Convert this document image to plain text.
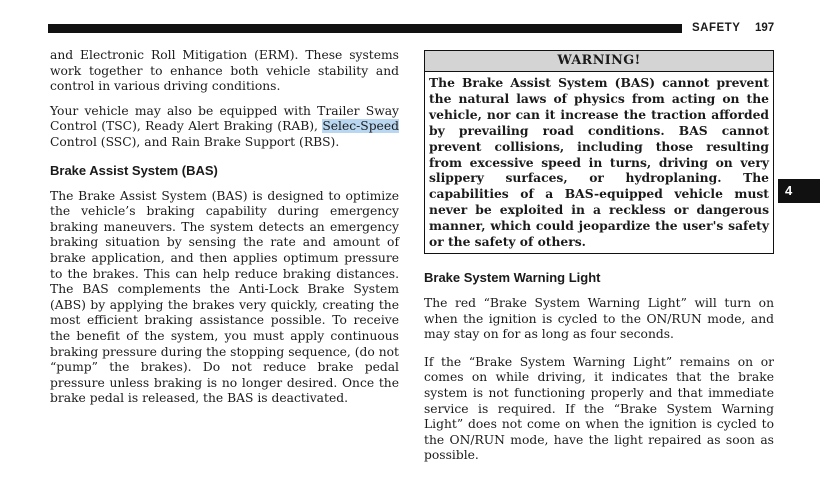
SAFETY 197

and Electronic Roll Mitigation (ERM). These systems work together to enhance both vehicle stability and control in various driving conditions.

Your vehicle may also be equipped with Trailer Sway Control (TSC), Ready Alert Braking (RAB), Selec-Speed Control (SSC), and Rain Brake Support (RBS).

Brake Assist System (BAS)

The Brake Assist System (BAS) is designed to optimize the vehicle’s braking capability during emergency braking maneuvers. The system detects an emergency braking situation by sensing the rate and amount of brake application, and then applies optimum pressure to the brakes. This can help reduce braking distances. The BAS complements the Anti-Lock Brake System (ABS) by applying the brakes very quickly, creating the most efficient braking assistance possible. To receive the benefit of the system, you must apply continuous braking pressure during the stopping sequence, (do not “pump” the brakes). Do not reduce brake pedal pressure unless braking is no longer desired. Once the brake pedal is released, the BAS is deactivated.

WARNING!
The Brake Assist System (BAS) cannot prevent the natural laws of physics from acting on the vehicle, nor can it increase the traction afforded by prevailing road conditions. BAS cannot prevent collisions, including those resulting from excessive speed in turns, driving on very slippery surfaces, or hydroplaning. The capabilities of a BAS-equipped vehicle must never be exploited in a reckless or dangerous manner, which could jeopardize the user's safety or the safety of others.
Brake System Warning Light

The red “Brake System Warning Light” will turn on when the ignition is cycled to the ON/RUN mode, and may stay on for as long as four seconds.

If the “Brake System Warning Light” remains on or comes on while driving, it indicates that the brake system is not functioning properly and that immediate service is required. If the “Brake System Warning Light” does not come on when the ignition is cycled to the ON/RUN mode, have the light repaired as soon as possible.

4
